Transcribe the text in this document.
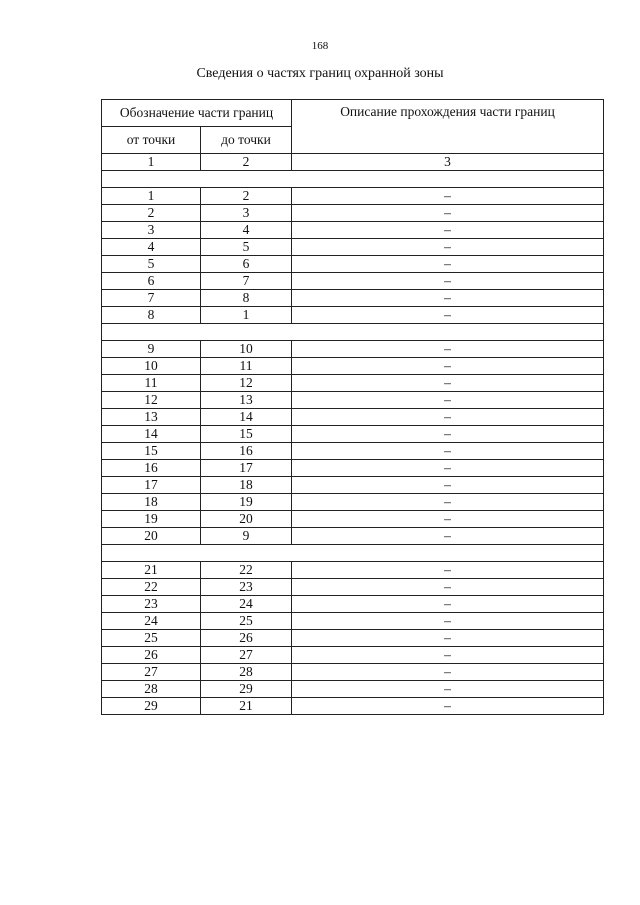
168
Сведения о частях границ охранной зоны
Обозначение части границ		Описание прохождения части границ
от точки	до точки	
1	2	3

1	2	–
2	3	–
3	4	–
4	5	–
5	6	–
6	7	–
7	8	–
8	1	–

9	10	–
10	11	–
11	12	–
12	13	–
13	14	–
14	15	–
15	16	–
16	17	–
17	18	–
18	19	–
19	20	–
20	9	–

21	22	–
22	23	–
23	24	–
24	25	–
25	26	–
26	27	–
27	28	–
28	29	–
29	21	–
